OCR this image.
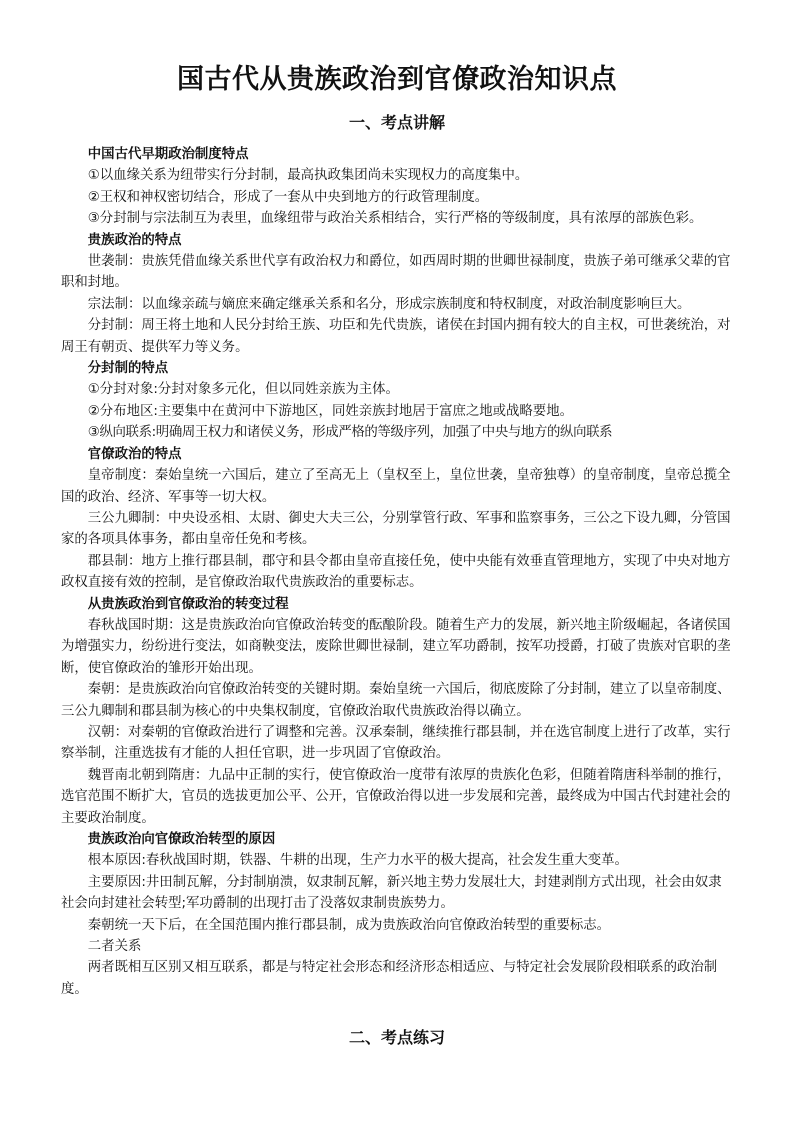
国古代从贵族政治到官僚政治知识点
一、考点讲解

中国古代早期政治制度特点

①以血缘关系为纽带实行分封制，最高执政集团尚未实现权力的高度集中。

②王权和神权密切结合，形成了一套从中央到地方的行政管理制度。

③分封制与宗法制互为表里，血缘纽带与政治关系相结合，实行严格的等级制度，具有浓厚的部族色彩。

贵族政治的特点

世袭制：贵族凭借血缘关系世代享有政治权力和爵位，如西周时期的世卿世禄制度，贵族子弟可继承父辈的官职和封地。

宗法制：以血缘亲疏与嫡庶来确定继承关系和名分，形成宗族制度和特权制度，对政治制度影响巨大。

分封制：周王将土地和人民分封给王族、功臣和先代贵族，诸侯在封国内拥有较大的自主权，可世袭统治，对周王有朝贡、提供军力等义务。

分封制的特点

①分封对象:分封对象多元化，但以同姓亲族为主体。

②分布地区:主要集中在黄河中下游地区，同姓亲族封地居于富庶之地或战略要地。

③纵向联系:明确周王权力和诸侯义务，形成严格的等级序列，加强了中央与地方的纵向联系

官僚政治的特点

皇帝制度：秦始皇统一六国后，建立了至高无上（皇权至上，皇位世袭，皇帝独尊）的皇帝制度，皇帝总揽全国的政治、经济、军事等一切大权。

三公九卿制：中央设丞相、太尉、御史大夫三公，分别掌管行政、军事和监察事务，三公之下设九卿，分管国家的各项具体事务，都由皇帝任免和考核。

郡县制：地方上推行郡县制，郡守和县令都由皇帝直接任免，使中央能有效垂直管理地方，实现了中央对地方政权直接有效的控制，是官僚政治取代贵族政治的重要标志。

从贵族政治到官僚政治的转变过程

春秋战国时期：这是贵族政治向官僚政治转变的酝酿阶段。随着生产力的发展，新兴地主阶级崛起，各诸侯国为增强实力，纷纷进行变法，如商鞅变法，废除世卿世禄制，建立军功爵制，按军功授爵，打破了贵族对官职的垄断，使官僚政治的雏形开始出现。

秦朝：是贵族政治向官僚政治转变的关键时期。秦始皇统一六国后，彻底废除了分封制，建立了以皇帝制度、三公九卿制和郡县制为核心的中央集权制度，官僚政治取代贵族政治得以确立。

汉朝：对秦朝的官僚政治进行了调整和完善。汉承秦制，继续推行郡县制，并在选官制度上进行了改革，实行察举制，注重选拔有才能的人担任官职，进一步巩固了官僚政治。

魏晋南北朝到隋唐：九品中正制的实行，使官僚政治一度带有浓厚的贵族化色彩，但随着隋唐科举制的推行，选官范围不断扩大，官员的选拔更加公平、公开，官僚政治得以进一步发展和完善，最终成为中国古代封建社会的主要政治制度。

贵族政治向官僚政治转型的原因

根本原因:春秋战国时期，铁器、牛耕的出现，生产力水平的极大提高，社会发生重大变革。

主要原因:井田制瓦解，分封制崩溃，奴隶制瓦解，新兴地主势力发展壮大，封建剥削方式出现，社会由奴隶社会向封建社会转型;军功爵制的出现打击了没落奴隶制贵族势力。

秦朝统一天下后，在全国范围内推行郡县制，成为贵族政治向官僚政治转型的重要标志。

二者关系

两者既相互区别又相互联系，都是与特定社会形态和经济形态相适应、与特定社会发展阶段相联系的政治制度。

二、考点练习
